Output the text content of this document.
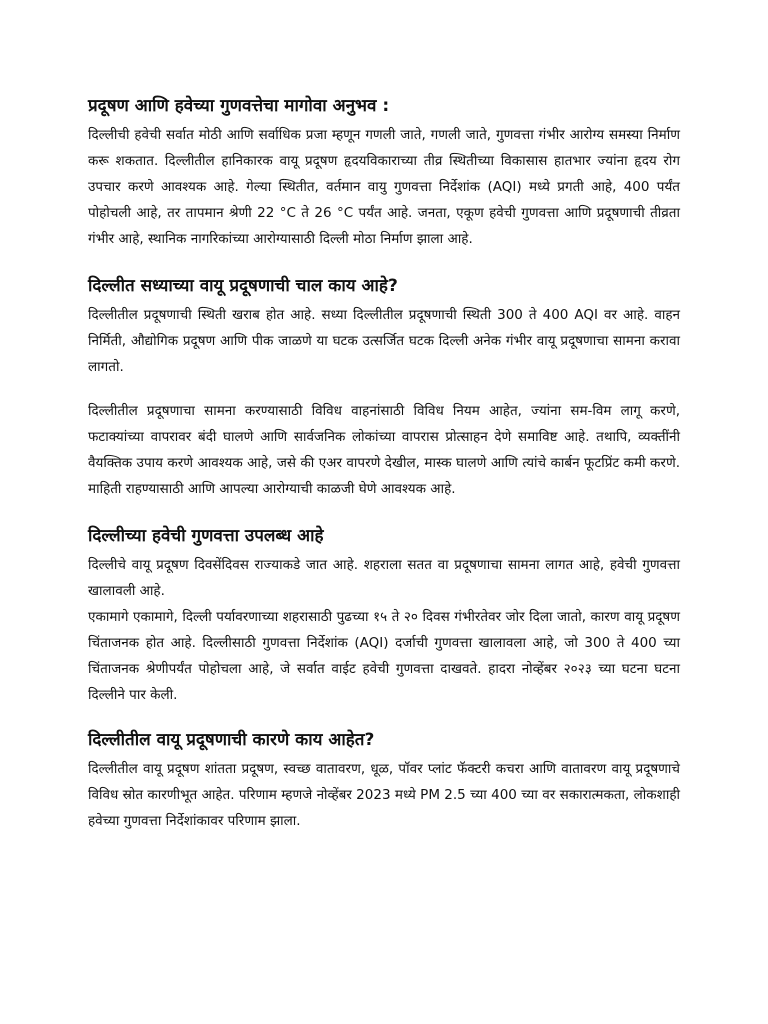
प्रदूषण आणि हवेच्या गुणवत्तेचा मागोवा अनुभव :

दिल्लीची हवेची सर्वात मोठी आणि सर्वाधिक प्रजा म्हणून गणली जाते, गणली जाते, गुणवत्ता गंभीर आरोग्य समस्या निर्माण करू शकतात. दिल्लीतील हानिकारक वायू प्रदूषण हृदयविकाराच्या तीव्र स्थितीच्या विकासास हातभार ज्यांना हृदय रोग उपचार करणे आवश्यक आहे. गेल्या स्थितीत, वर्तमान वायु गुणवत्ता निर्देशांक (AQI) मध्ये प्रगती आहे, 400 पर्यंत पोहोचली आहे, तर तापमान श्रेणी 22 °C ते 26 °C पर्यंत आहे. जनता, एकूण हवेची गुणवत्ता आणि प्रदूषणाची तीव्रता गंभीर आहे, स्थानिक नागरिकांच्या आरोग्यासाठी दिल्ली मोठा निर्माण झाला आहे.

दिल्लीत सध्याच्या वायू प्रदूषणाची चाल काय आहे?

दिल्लीतील प्रदूषणाची स्थिती खराब होत आहे. सध्या दिल्लीतील प्रदूषणाची स्थिती 300 ते 400 AQI वर आहे. वाहन निर्मिती, औद्योगिक प्रदूषण आणि पीक जाळणे या घटक उत्सर्जित घटक दिल्ली अनेक गंभीर वायू प्रदूषणाचा सामना करावा लागतो.

दिल्लीतील प्रदूषणाचा सामना करण्यासाठी विविध वाहनांसाठी विविध नियम आहेत, ज्यांना सम-विम लागू करणे, फटाक्यांच्या वापरावर बंदी घालणे आणि सार्वजनिक लोकांच्या वापरास प्रोत्साहन देणे समाविष्ट आहे. तथापि, व्यक्तींनी वैयक्तिक उपाय करणे आवश्यक आहे, जसे की एअर वापरणे देखील, मास्क घालणे आणि त्यांचे कार्बन फूटप्रिंट कमी करणे. माहिती राहण्यासाठी आणि आपल्या आरोग्याची काळजी घेणे आवश्यक आहे.

दिल्लीच्या हवेची गुणवत्ता उपलब्ध आहे

दिल्लीचे वायू प्रदूषण दिवसेंदिवस राज्याकडे जात आहे. शहराला सतत वा प्रदूषणाचा सामना लागत आहे, हवेची गुणवत्ता खालावली आहे.

एकामागे एकामागे, दिल्ली पर्यावरणाच्या शहरासाठी पुढच्या १५ ते २० दिवस गंभीरतेवर जोर दिला जातो, कारण वायू प्रदूषण चिंताजनक होत आहे. दिल्लीसाठी गुणवत्ता निर्देशांक (AQI) दर्जाची गुणवत्ता खालावला आहे, जो 300 ते 400 च्या चिंताजनक श्रेणीपर्यंत पोहोचला आहे, जे सर्वात वाईट हवेची गुणवत्ता दाखवते. हादरा नोव्हेंबर २०२३ च्या घटना घटना दिल्लीने पार केली.

दिल्लीतील वायू प्रदूषणाची कारणे काय आहेत?

दिल्लीतील वायू प्रदूषण शांतता प्रदूषण, स्वच्छ वातावरण, धूळ, पॉवर प्लांट फॅक्टरी कचरा आणि वातावरण वायू प्रदूषणाचे विविध स्रोत कारणीभूत आहेत. परिणाम म्हणजे नोव्हेंबर 2023 मध्ये PM 2.5 च्या 400 च्या वर सकारात्मकता, लोकशाही हवेच्या गुणवत्ता निर्देशांकावर परिणाम झाला.
